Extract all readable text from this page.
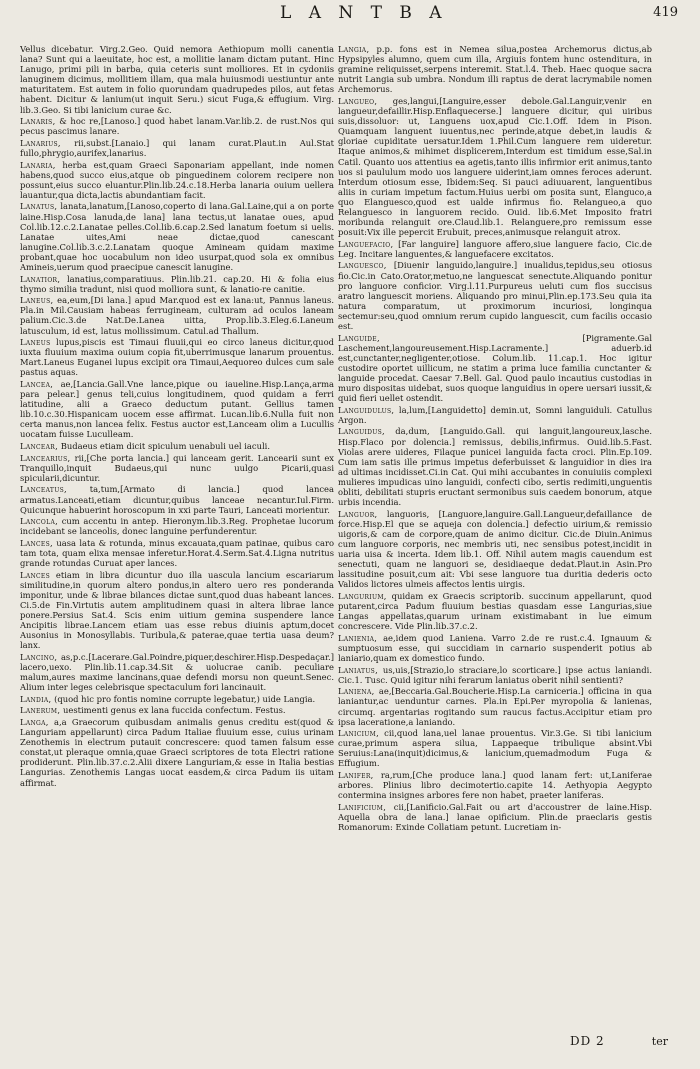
L A N T B A	419

Vellus dicebatur. Virg.2.Geo. Quid nemora Aethiopum molli canentia lana? Sunt qui a laeuitate, hoc est, a mollitie lanam dictam putant. Hinc Lanugo, primi pili in barba, quia ceteris sunt molliores. Et in cydoniis lanuginem dicimus, mollitiem illam, qua mala huiusmodi uestiuntur ante maturitatem. Est autem in folio quorundam quadrupedes pilos, aut fetas habent. Dicitur & lanium(ut inquit Seru.) sicut Fuga,& effugium. Virg. lib.3.Geo. Si tibi lanicium curae &c.

Lanaris, & hoc re,[Lanoso.] quod habet lanam.Var.lib.2. de rust.Nos qui pecus pascimus lanare.

Lanarius, rii,subst.[Lanaio.] qui lanam curat.Plaut.in Aul.Stat fullo,phrygio,aurifex,lanarius.

Lanaria, herba est,quam Graeci Saponariam appellant, inde nomen habens,quod succo eius,atque ob pinguedinem colorem recipere non possunt,eius succo eluantur.Plin.lib.24.c.18.Herba lanaria ouium uellera lauantur,qua dicta,lactis abundantiam facit.

Lanatus, lanata,lanatum,[Lanoso,coperto di lana.Gal.Laine,qui a on porte laine.Hisp.Cosa lanuda,de lana] lana tectus,ut lanatae oues, apud Col.lib.12.c.2.Lanatae pelles.Col.lib.6.cap.2.Sed lanatum foetum si uelis. Lanatae uites,Ami neae dictae,quod canescant lanugine.Col.lib.3.c.2.Lanatam quoque Amineam quidam maxime probant,quae hoc uocabulum non ideo usurpat,quod sola ex omnibus Amineis,uerum quod praecipue canescit lanugine.

Lanatior, lanatius,comparatiuus. Plin.lib.21. cap.20. Hi & folia eius thymo similia tradunt, nisi quod molliora sunt, & lanatio-re canitie.

Laneus, ea,eum,[Di lana.] apud Mar.quod est ex lana:ut, Pannus laneus. Pla.in Mil.Causiam habeas ferrugineam, culturam ad oculos laneam palium.Cic.3.de Nat.De.Lanea uitta, Prop.lib.3.Eleg.6.Laneum latusculum, id est, latus mollissimum. Catul.ad Thallum.

Laneus lupus,piscis est Timaui fluuii,qui eo circo laneus dicitur,quod iuxta fluuium maxima ouium copia fit,uberrimusque lanarum prouentus. Mart.Laneus Euganei lupus excipit ora Timaui,Aequoreo dulces cum sale pastus aquas.

Lancea, ae,[Lancia.Gall.Vne lance,pique ou iaueline.Hisp.Lança,arma para pelear.] genus teli,cuius longitudinem, quod quidam a ferri latitudine, alii a Graeco deductum putant. Gellius tamen lib.10.c.30.Hispanicam uocem esse affirmat. Lucan.lib.6.Nulla fuit non certa manus,non lancea felix. Festus auctor est,Lanceam olim a Lucullis uocatam fuisse Luculleam.

Lancear, Budaeus etiam dicit spiculum uenabuli uel iaculi.

Lancearius, rii,[Che porta lancia.] qui lanceam gerit. Lancearii sunt ex Tranquillo,inquit Budaeus,qui nunc uulgo Picarii,quasi spicularii,dicuntur.

Lanceatus,	ta,tum,[Armato di lancia.] quod lancea armatus.Lanceati,etiam dicuntur,quibus lanceae necantur.Iul.Firm. Quicunque habuerint horoscopum in xxi parte Tauri, Lanceati morientur.

Lancola, cum accentu in antep. Hieronym.lib.3.Reg. Prophetae lucorum incidebant se lanceolis, donec languine perfunderentur.

Lances, uasa lata & rotunda, minus excauata,quam patinae, quibus caro tam tota, quam elixa mensae inferetur.Horat.4.Serm.Sat.4.Ligna nutritus grande rotundas Curuat aper lances.

Lances etiam in libra dicuntur duo illa uascula lancium escariarum similitudine,in quorum altero pondus,in altero uero res ponderanda imponitur, unde & librae bilances dictae sunt,quod duas habeant lances. Ci.5.de Fin.Virtutis autem amplitudinem quasi in altera librae lance ponere.Persius Sat.4. Scis enim uitium gemina suspendere lance Ancipitis librae.Lancem etiam uas esse rebus diuinis aptum,docet Ausonius in Monosyllabis. Turibula,& paterae,quae tertia uasa deum? lanx.

Lancino, as,p.c.[Lacerare.Gal.Poindre,piquer,deschirer.Hisp.Despedaçar.] lacero,uexo. Plin.lib.11.cap.34.Sit & uolucrae canib. peculiare malum,aures maxime lancinans,quae defendi morsu non queunt.Senec. Alium inter leges celebrisque spectaculum fori lancinauit.

Landia, (quod hic pro fontis nomine corrupte legebatur,) uide Langia.

Lanerum, uestimenti genus ex lana fuccida confectum. Festus.

Langa, a,a Graecorum quibusdam animalis genus creditu est(quod & Languriam appellarunt) circa Padum Italiae fluuium esse, cuius urinam Zenothemis in electrum putauit concrescere: quod tamen falsum esse constat,ut pleraque omnia,quae Graeci scriptores de tota Electri ratione prodiderunt. Plin.lib.37.c.2.Alii dixere Languriam,& esse in Italia bestias Langurias. Zenothemis Langas uocat easdem,& circa Padum iis uitam affirmat.

Langia, p.p. fons est in Nemea silua,postea Archemorus dictus,ab Hypsipyles alumno, quem cum illa, Argiuis fontem hunc ostenditura, in gramine reliquisset,serpens interemit. Stat.l.4. Theb. Haec quoque sacra nutrit Langia sub umbra. Nondum illi raptus de derat lacrymabile nomen Archemorus.

Langueo, ges,langui,[Languire,esser debole.Gal.Languir,venir en langueur,defaillir.Hisp.Enflaquecerse.] languere dicitur, qui uiribus suis,dissoluor: ut, Languens uox,apud Cic.1.Off. Idem in Pison. Quamquam languent iuuentus,nec perinde,atque debet,in laudis & gloriae cupiditate uersatur.Idem 1.Phil.Cum languere rem uideretur. Itaque animos,& mihimet displicerem,Interdum est timidum esse,Sal.in Catil. Quanto uos attentius ea agetis,tanto illis infirmior erit animus,tanto uos si paululum modo uos languere uiderint,iam omnes feroces aderunt. Interdum otiosum esse, Ibidem:Seq. Si pauci adiuuarent, languentibus aliis in curiam impetum factum.Huius uerbi om posita sunt, Elanguco,a quo Elanguesco,quod est ualde infirmus fio. Relangueo,a quo Relanguesco in languorem recido. Ouid. lib.6.Met Imposito fratri moribunda relanguit ore.Claud.lib.1. Relanguere,pro remissum esse posuit:Vix ille pepercit Erubuit, preces,animusque relanguit atrox.

Languefacio, [Far languire] languore affero,siue languere facio, Cic.de Leg. Incitare languentes,& languefacere excitatos.

Languesco, [Diuenir languido,languire.] inualidus,tepidus,seu otiosus fio.Cic.in Cato.Orator,metuo,ne languescat senectute.Aliquando ponitur pro languore conficior. Virg.l.11.Purpureus ueluti cum flos succisus aratro languescit moriens. Aliquando pro minui,Plin.ep.173.Seu quia ita natura comparatum, ut proximorum incuriosi, longinqua sectemur:seu,quod omnium rerum cupido languescit, cum facilis occasio est.

Languide,	[Pigramente.Gal Laschement,langoureusement.Hisp.Lacramente.] aduerb.id est,cunctanter,negligenter,otiose. Colum.lib. 11.cap.1. Hoc igitur custodire oportet uillicum, ne statim a prima luce familia cunctanter & languide procedat. Caesar 7.Bell. Gal. Quod paulo incautius custodias in muro dispositas uidebat, suos quoque languidius in opere uersari iussit,& quid fieri uellet ostendit.

Languidulus, la,lum,[Languidetto] demin.ut, Somni languiduli. Catullus Argon.

Languidus, da,dum, [Languido.Gall. qui languit,langoureux,lasche. Hisp.Flaco por dolencia.] remissus, debilis,infirmus. Ouid.lib.5.Fast. Violas arere uideres, Filaque punicei languida facta croci. Plin.Ep.109. Cum iam satis ille primus impetus deferbuisset & languidior in dies ira ad ultimas incidisset.Ci.in Cat. Qui mihi accubantes in conuiuiis complexi mulieres impudicas uino languidi, confecti cibo, sertis redimiti,unguentis obliti, debilitati stupris eructant sermonibus suis caedem bonorum, atque urbis incendia.

Languor, languoris, [Languore,languire.Gall.Langueur,defaillance de force.Hisp.El que se aqueja con dolencia.] defectio uirium,& remissio uigoris,& cam de corpore,quam de animo dicitur. Cic.de Diuin.Animus cum languore corporis, nec membris uti, nec sensibus potest,incidit in uaria uisa & incerta. Idem lib.1. Off. Nihil autem magis cauendum est senectuti, quam ne languori se, desidiaeque dedat.Plaut.in Asin.Pro lassitudine posuit,cum ait: Vbi sese languore tua duritia dederis octo Validos lictores ulmeis affectos lentis uirgis.

Langurium, quidam ex Graecis scriptorib. succinum appellarunt, quod putarent,circa Padum fluuium bestias quasdam esse Langurias,siue Langas appellatas,quarum urinam existimabant in lue eimum concrescere. Vide Plin.lib.37.c.2.

Lanienia, ae,idem quod Laniena. Varro 2.de re rust.c.4. Ignauum & sumptuosum esse, qui succidiam in carnario suspenderit potius ab laniario,quam ex domestico fundo.

Laniatus, us,uis,[Strazio,lo straciare,lo scorticare.] ipse actus laniandi. Cic.1. Tusc. Quid igitur nihi ferarum laniatus oberit nihil sentienti?

Laniena, ae,[Beccaria.Gal.Boucherie.Hisp.La carniceria.] officina in qua laniantur,ac uenduntur carnes. Pla.in Epi.Per myropolia & lanienas, circumq. argentarias rogitando sum raucus factus.Accipitur etiam pro ipsa laceratione,a laniando.

Lanicium, cii,quod lana,uel lanae prouentus. Vir.3.Ge. Si tibi lanicium curae,primum aspera silua, Lappaeque tribulique absint.Vbi Seruius:Lana(inquit)dicimus,& lanicium,quemadmodum Fuga & Effugium.

Lanifer, ra,rum,[Che produce lana.] quod lanam fert: ut,Laniferae arbores. Plinius libro decimotertio.capite 14. Aethyopia Aegypto contermina insignes arbores fere non habet, praeter laniferas.

Lanificium, cii,[Lanificio.Gal.Fait ou art d'accoustrer de laine.Hisp. Aquella obra de lana.] lanae opificium. Plin.de praeclaris gestis Romanorum: Exinde Collatiam petunt. Lucretiam in-

DD 2	ter
